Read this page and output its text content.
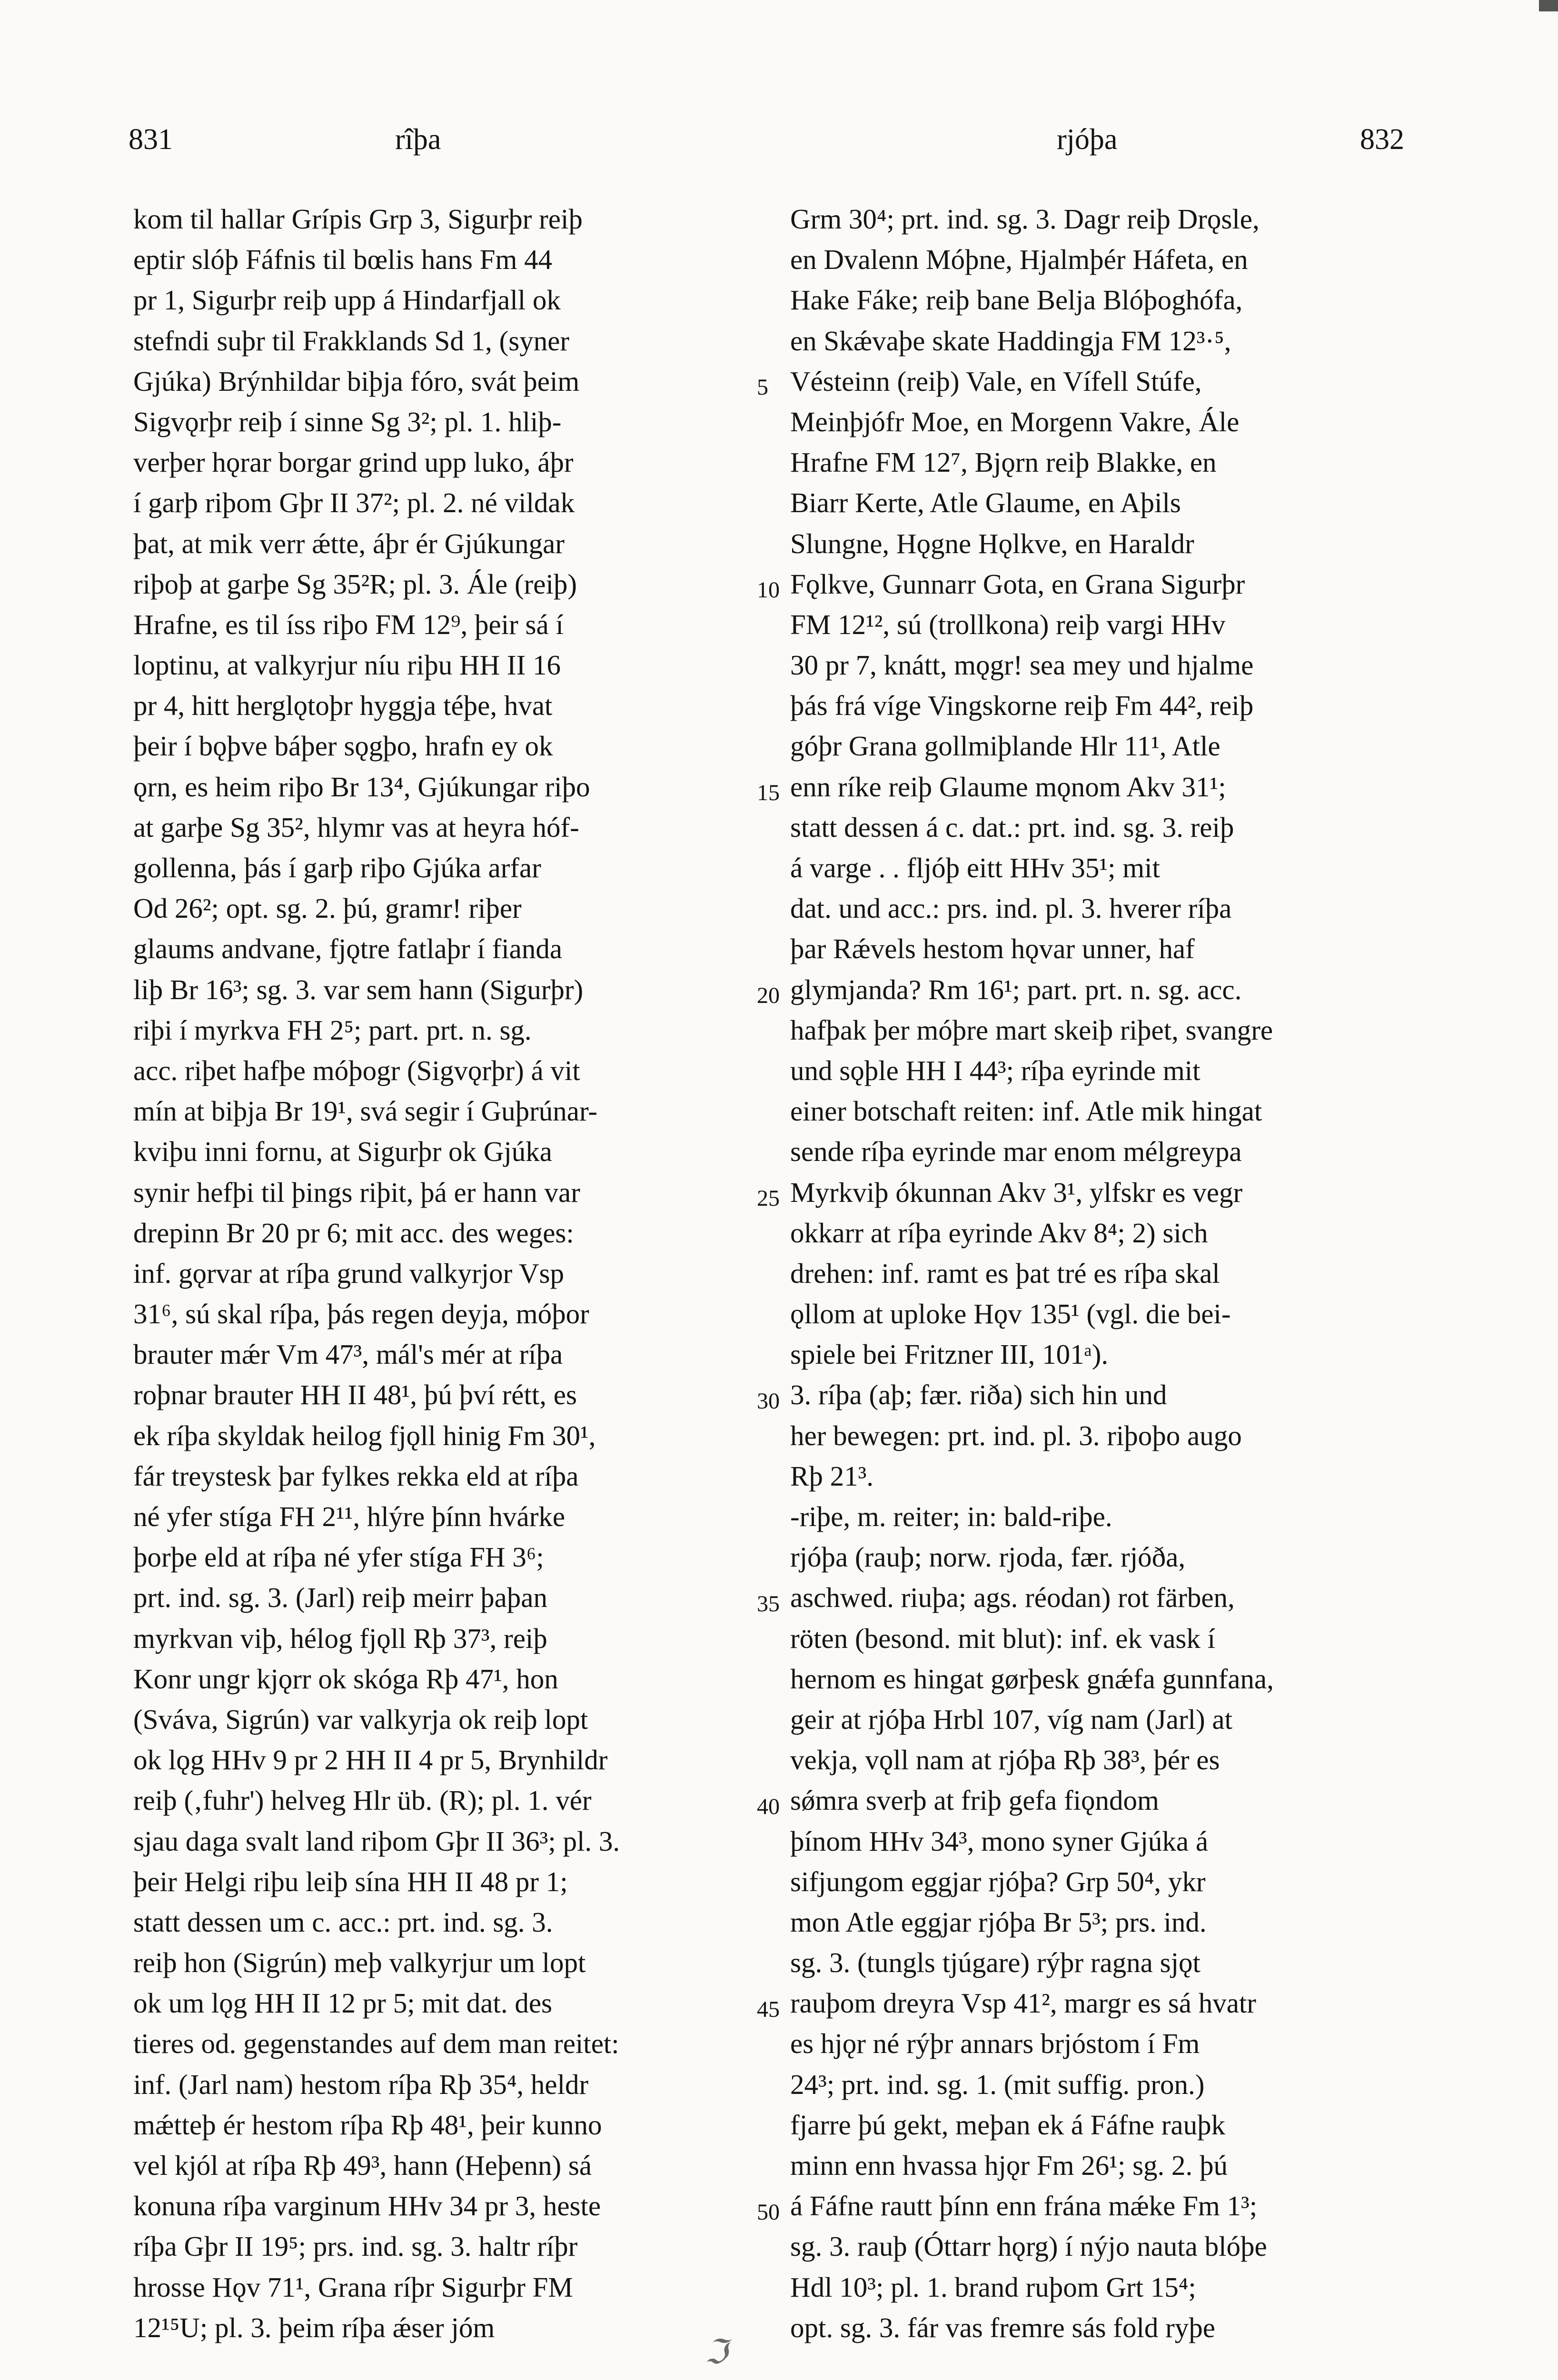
831	rîþa	rjóþa	832
kom til hallar Grípis Grp 3, Sigurþr reiþ
eptir slóþ Fáfnis til bœlis hans Fm 44
pr 1, Sigurþr reiþ upp á Hindarfjall ok
stefndi suþr til Frakklands Sd 1, (syner
Gjúka) Brýnhildar biþja fóro, svát þeim
Sigvǫrþr reiþ í sinne Sg 3²; pl. 1. hliþ-
verþer hǫrar borgar grind upp luko, áþr
í garþ riþom Gþr II 37²; pl. 2. né vildak
þat, at mik verr ǽtte, áþr ér Gjúkungar
riþoþ at garþe Sg 35²R; pl. 3. Ále (reiþ)
Hrafne, es til íss riþo FM 12⁹, þeir sá í
loptinu, at valkyrjur níu riþu HH II 16
pr 4, hitt herglǫtoþr hyggja téþe, hvat
þeir í bǫþve báþer sǫgþo, hrafn ey ok
ǫrn, es heim riþo Br 13⁴, Gjúkungar riþo
at garþe Sg 35², hlymr vas at heyra hóf-
gollenna, þás í garþ riþo Gjúka arfar
Od 26²; opt. sg. 2. þú, gramr! riþer
glaums andvane, fjǫtre fatlaþr í fianda
liþ Br 16³; sg. 3. var sem hann (Sigurþr)
riþi í myrkva FH 2⁵; part. prt. n. sg.
acc. riþet hafþe móþogr (Sigvǫrþr) á vit
mín at biþja Br 19¹, svá segir í Guþrúnar-
kviþu inni fornu, at Sigurþr ok Gjúka
synir hefþi til þings riþit, þá er hann var
drepinn Br 20 pr 6; mit acc. des weges:
inf. gǫrvar at ríþa grund valkyrjor Vsp
31⁶, sú skal ríþa, þás regen deyja, móþor
brauter mǽr Vm 47³, mál's mér at ríþa
roþnar brauter HH II 48¹, þú því rétt, es
ek ríþa skyldak heilog fjǫll hinig Fm 30¹,
fár treystesk þar fylkes rekka eld at ríþa
né yfer stíga FH 2¹¹, hlýre þínn hvárke
þorþe eld at ríþa né yfer stíga FH 3⁶;
prt. ind. sg. 3. (Jarl) reiþ meirr þaþan
myrkvan viþ, hélog fjǫll Rþ 37³, reiþ
Konr ungr kjǫrr ok skóga Rþ 47¹, hon
(Sváva, Sigrún) var valkyrja ok reiþ lopt
ok lǫg HHv 9 pr 2 HH II 4 pr 5, Brynhildr
reiþ (‚fuhr') helveg Hlr üb. (R); pl. 1. vér
sjau daga svalt land riþom Gþr II 36³; pl. 3.
þeir Helgi riþu leiþ sína HH II 48 pr 1;
statt dessen um c. acc.: prt. ind. sg. 3.
reiþ hon (Sigrún) meþ valkyrjur um lopt
ok um lǫg HH II 12 pr 5; mit dat. des
tieres od. gegenstandes auf dem man reitet:
inf. (Jarl nam) hestom ríþa Rþ 35⁴, heldr
mǽttеþ ér hestom ríþa Rþ 48¹, þeir kunno
vel kjól at ríþa Rþ 49³, hann (Heþenn) sá
konuna ríþa varginum HHv 34 pr 3, heste
ríþa Gþr II 19⁵; prs. ind. sg. 3. haltr ríþr
hrosse Hǫv 71¹, Grana ríþr Sigurþr FM
12¹⁵U; pl. 3. þeim ríþa ǽser jóm
5
10
15
20
25
30
35
40
45
50
Grm 30⁴; prt. ind. sg. 3. Dagr reiþ Drǫsle,
en Dvalenn Móþne, Hjalmþér Háfeta, en
Hake Fáke; reiþ bane Belja Blóþoghófa,
en Skǽvaþe skate Haddingja FM 12³·⁵,
Vésteinn (reiþ) Vale, en Vífell Stúfe,
Meinþjófr Moe, en Morgenn Vakre, Ále
Hrafne FM 12⁷, Bjǫrn reiþ Blakke, en
Biarr Kerte, Atle Glaume, en Aþils
Slungne, Hǫgne Hǫlkve, en Haraldr
Fǫlkve, Gunnarr Gota, en Grana Sigurþr
FM 12¹², sú (trollkona) reiþ vargi HHv
30 pr 7, knátt, mǫgr! sea mey und hjalme
þás frá víge Vingskorne reiþ Fm 44², reiþ
góþr Grana gollmiþlande Hlr 11¹, Atle
enn ríke reiþ Glaume mǫnom Akv 31¹;
statt dessen á c. dat.: prt. ind. sg. 3. reiþ
á varge . . fljóþ eitt HHv 35¹; mit
dat. und acc.: prs. ind. pl. 3. hverer ríþa
þar Rǽvels hestom hǫvar unner, haf
glymjanda? Rm 16¹; part. prt. n. sg. acc.
hafþak þer móþre mart skeiþ riþet, svangre
und sǫþle HH I 44³; ríþa eyrinde mit
einer botschaft reiten: inf. Atle mik hingat
sende ríþa eyrinde mar enom mélgreypa
Myrkviþ ókunnan Akv 3¹, ylfskr es vegr
okkarr at ríþa eyrinde Akv 8⁴; 2) sich
drehen: inf. ramt es þat tré es ríþa skal
ǫllom at uploke Hǫv 135¹ (vgl. die bei-
spiele bei Fritzner III, 101ᵃ).
3. ríþa (aþ; fær. riða) sich hin und
her bewegen: prt. ind. pl. 3. riþoþo augo
Rþ 21³.
-riþe, m. reiter; in: bald-riþe.
rjóþa (rauþ; norw. rjoda, fær. rjóða,
aschwed. riuþa; ags. réodan) rot färben,
röten (besond. mit blut): inf. ek vask í
hernom es hingat gørþesk gnǽfa gunnfana,
geir at rjóþa Hrbl 107, víg nam (Jarl) at
vekja, vǫll nam at rjóþa Rþ 38³, þér es
sǿmra sverþ at friþ gefa fiǫndom
þínom HHv 34³, mono syner Gjúka á
sifjungom eggjar rjóþa? Grp 50⁴, ykr
mon Atle eggjar rjóþa Br 5³; prs. ind.
sg. 3. (tungls tjúgare) rýþr ragna sjǫt
rauþom dreyra Vsp 41², margr es sá hvatr
es hjǫr né rýþr annars brjóstom í Fm
24³; prt. ind. sg. 1. (mit suffig. pron.)
fjarre þú gekt, meþan ek á Fáfne rauþk
minn enn hvassa hjǫr Fm 26¹; sg. 2. þú
á Fáfne rautt þínn enn frána mǽke Fm 1³;
sg. 3. rauþ (Óttarr hǫrg) í nýjo nauta blóþe
Hdl 10³; pl. 1. brand ruþom Grt 15⁴;
opt. sg. 3. fár vas fremre sás fold ryþe
ℑ
